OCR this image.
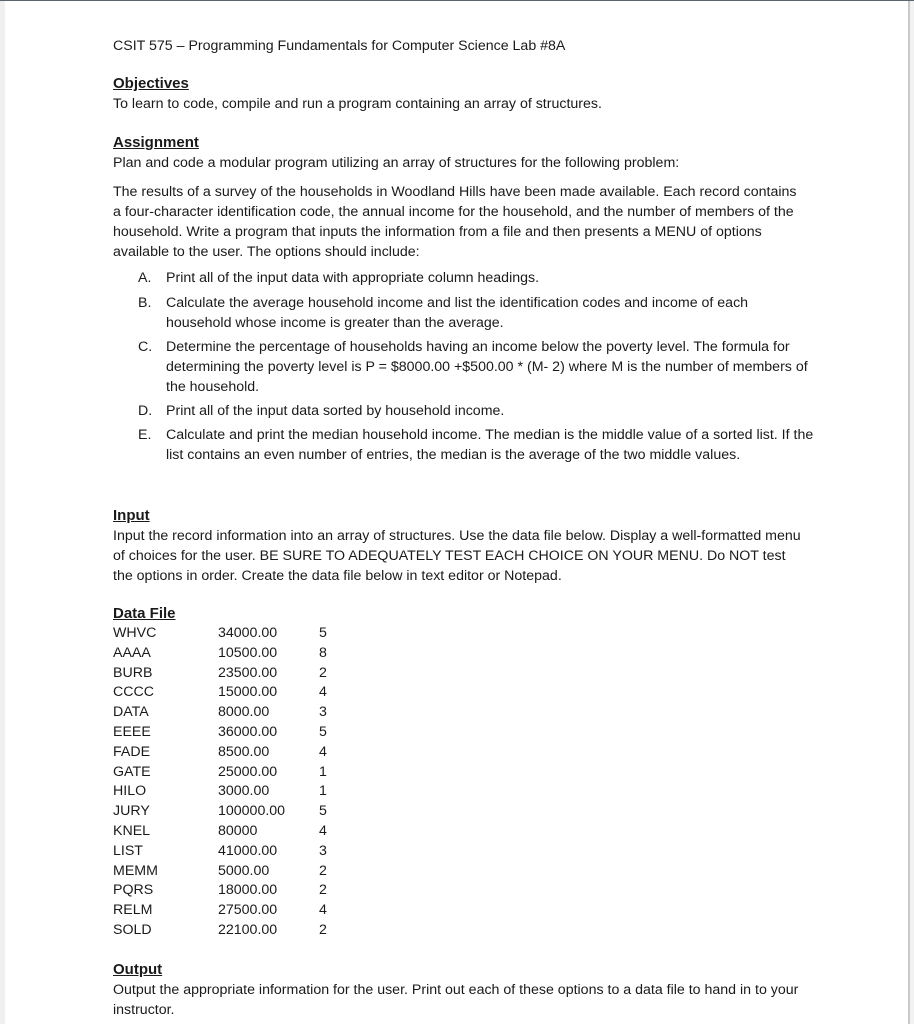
CSIT 575 – Programming Fundamentals for Computer Science Lab #8A
Objectives

To learn to code, compile and run a program containing an array of structures.

Assignment

Plan and code a modular program utilizing an array of structures for the following problem:

The results of a survey of the households in Woodland Hills have been made available. Each record contains a four-character identification code, the annual income for the household, and the number of members of the household. Write a program that inputs the information from a file and then presents a MENU of options available to the user. The options should include:

A.	Print all of the input data with appropriate column headings.
B.	Calculate the average household income and list the identification codes and income of each household whose income is greater than the average.
C. Determine the percentage of households having an income below the poverty level. The formula for determining the poverty level is P = $8000.00 +$500.00 * (M- 2) where M is the number of members of the household.
D. Print all of the input data sorted by household income.
E.	Calculate and print the median household income. The median is the middle value of a sorted list. If the list contains an even number of entries, the median is the average of the two middle values.
Input

Input the record information into an array of structures. Use the data file below. Display a well-formatted menu of choices for the user. BE SURE TO ADEQUATELY TEST EACH CHOICE ON YOUR MENU. Do NOT test the options in order. Create the data file below in text editor or Notepad.

Data File
WHVC	34000.00	5
AAAA	10500.00	8
BURB	23500.00	2
CCCC	15000.00	4
DATA	8000.00	3
EEEE	36000.00	5
FADE	8500.00	4
GATE	25000.00	1
HILO	3000.00	1
JURY	100000.00	5
KNEL	80000	4
LIST	41000.00	3
MEMM	5000.00	2
PQRS	18000.00	2
RELM	27500.00	4
SOLD	22100.00	2
Output

Output the appropriate information for the user. Print out each of these options to a data file to hand in to your instructor.
